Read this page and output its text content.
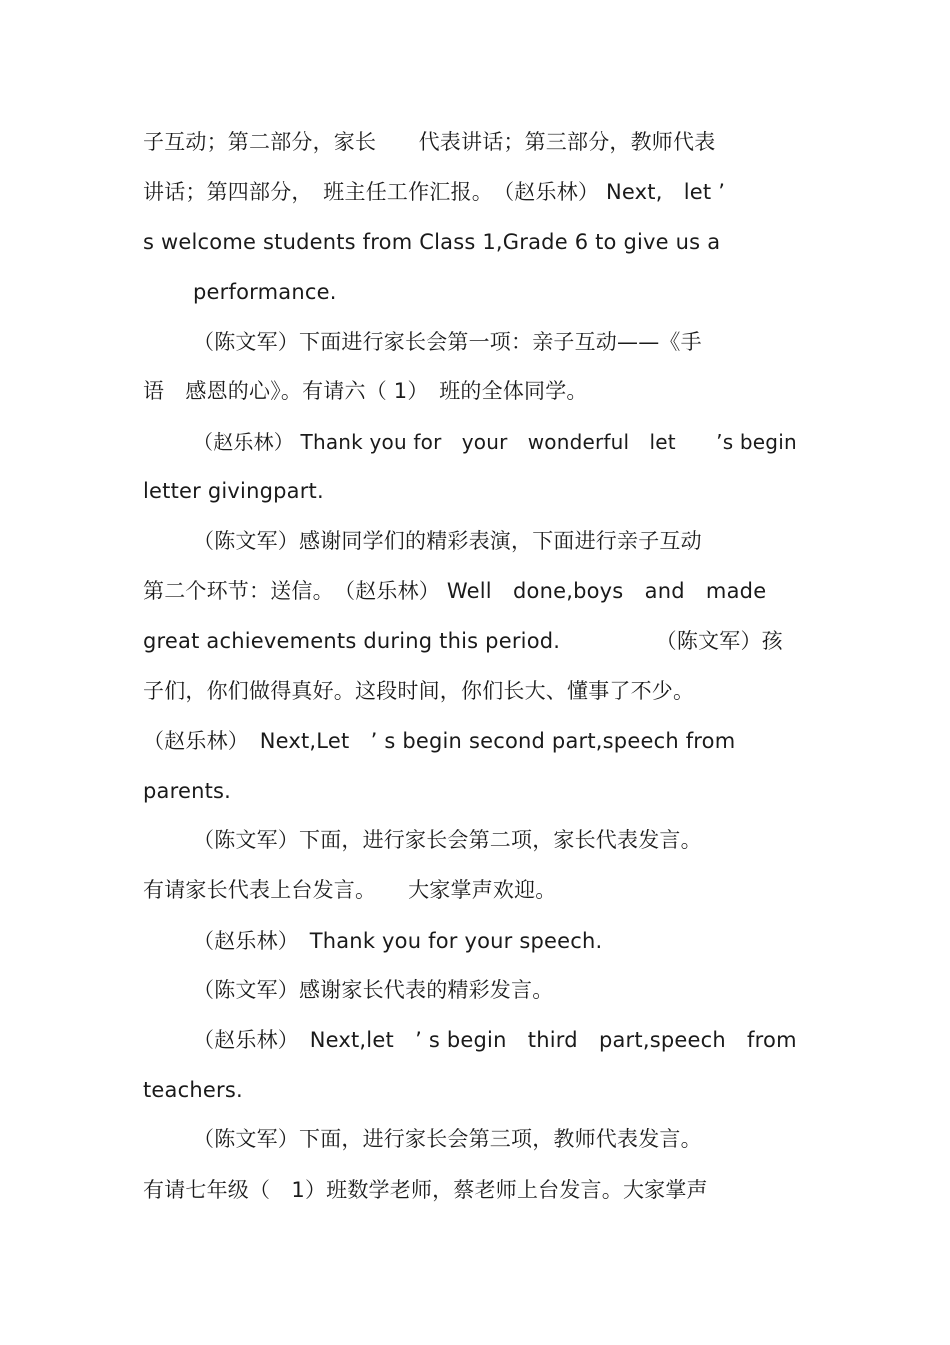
子互动；第二部分，家长　　代表讲话；第三部分，教师代表
讲话；第四部分，　班主任工作汇报。　（赵乐林） Next,　let ’
s welcome students from Class 1,Grade 6 to give us a
performance.
（陈文军）下面进行家长会第一项：亲子互动——《手
语　感恩的心》。有请六（ 1）　班的全体同学。
（赵乐林） Thank you for　your　wonderful　let　　’s begin
letter givingpart.
（陈文军）感谢同学们的精彩表演，下面进行亲子互动
第二个环节：送信。　（赵乐林） Well　done,boys　and　made
great achievements during this period.　　　　　（陈文军）孩
子们，你们做得真好。这段时间，你们长大、懂事了不少。
（赵乐林）　Next,Let　’ s begin second part,speech from
parents.
（陈文军）下面，进行家长会第二项，家长代表发言。
有请家长代表上台发言。　　大家掌声欢迎。
（赵乐林）　Thank you for your speech.
（陈文军）感谢家长代表的精彩发言。
（赵乐林）　Next,let　’ s begin　third　part,speech　from
teachers.
（陈文军）下面，进行家长会第三项，教师代表发言。
有请七年级（　1）班数学老师，蔡老师上台发言。大家掌声
